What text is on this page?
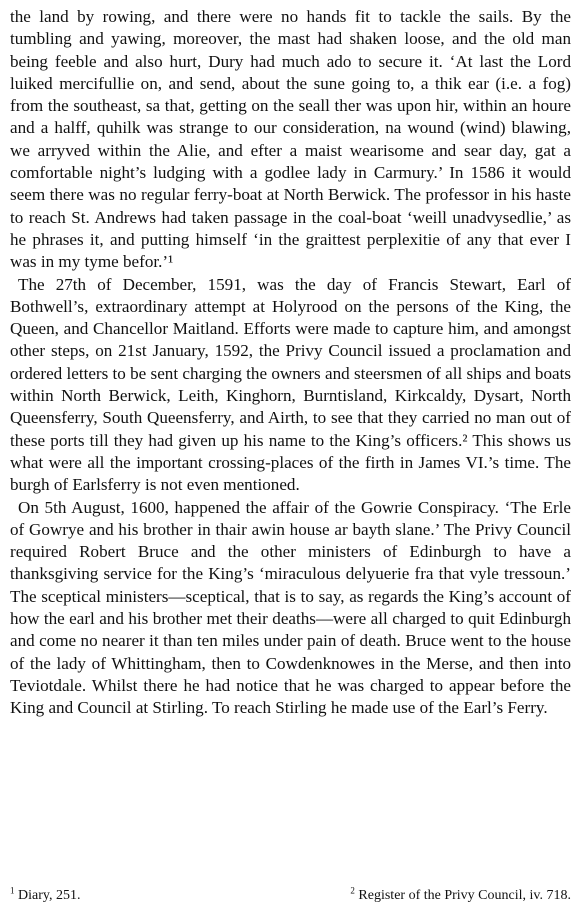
the land by rowing, and there were no hands fit to tackle the sails. By the tumbling and yawing, moreover, the mast had shaken loose, and the old man being feeble and also hurt, Dury had much ado to secure it. ‘At last the Lord luiked mercifullie on, and send, about the sune going to, a thik ear (i.e. a fog) from the southeast, sa that, getting on the seall ther was upon hir, within an houre and a halff, quhilk was strange to our consideration, na wound (wind) blawing, we arryved within the Alie, and efter a maist wearisome and sear day, gat a comfortable night’s ludging with a godlee lady in Carmury.’ In 1586 it would seem there was no regular ferry-boat at North Berwick. The professor in his haste to reach St. Andrews had taken passage in the coal-boat ‘weill unadvysedlie,’ as he phrases it, and putting himself ‘in the graittest perplexitie of any that ever I was in my tyme befor.’¹

The 27th of December, 1591, was the day of Francis Stewart, Earl of Bothwell’s, extraordinary attempt at Holyrood on the persons of the King, the Queen, and Chancellor Maitland. Efforts were made to capture him, and amongst other steps, on 21st January, 1592, the Privy Council issued a proclamation and ordered letters to be sent charging the owners and steersmen of all ships and boats within North Berwick, Leith, Kinghorn, Burntisland, Kirkcaldy, Dysart, North Queensferry, South Queensferry, and Airth, to see that they carried no man out of these ports till they had given up his name to the King’s officers.² This shows us what were all the important crossing-places of the firth in James VI.’s time. The burgh of Earlsferry is not even mentioned.

On 5th August, 1600, happened the affair of the Gowrie Conspiracy. ‘The Erle of Gowrye and his brother in thair awin house ar bayth slane.’ The Privy Council required Robert Bruce and the other ministers of Edinburgh to have a thanksgiving service for the King’s ‘miraculous delyuerie fra that vyle tressoun.’ The sceptical ministers—sceptical, that is to say, as regards the King’s account of how the earl and his brother met their deaths—were all charged to quit Edinburgh and come no nearer it than ten miles under pain of death. Bruce went to the house of the lady of Whittingham, then to Cowdenknowes in the Merse, and then into Teviotdale. Whilst there he had notice that he was charged to appear before the King and Council at Stirling. To reach Stirling he made use of the Earl’s Ferry.

$^1$ Diary, 251.	$^2$ Register of the Privy Council, iv. 718.
